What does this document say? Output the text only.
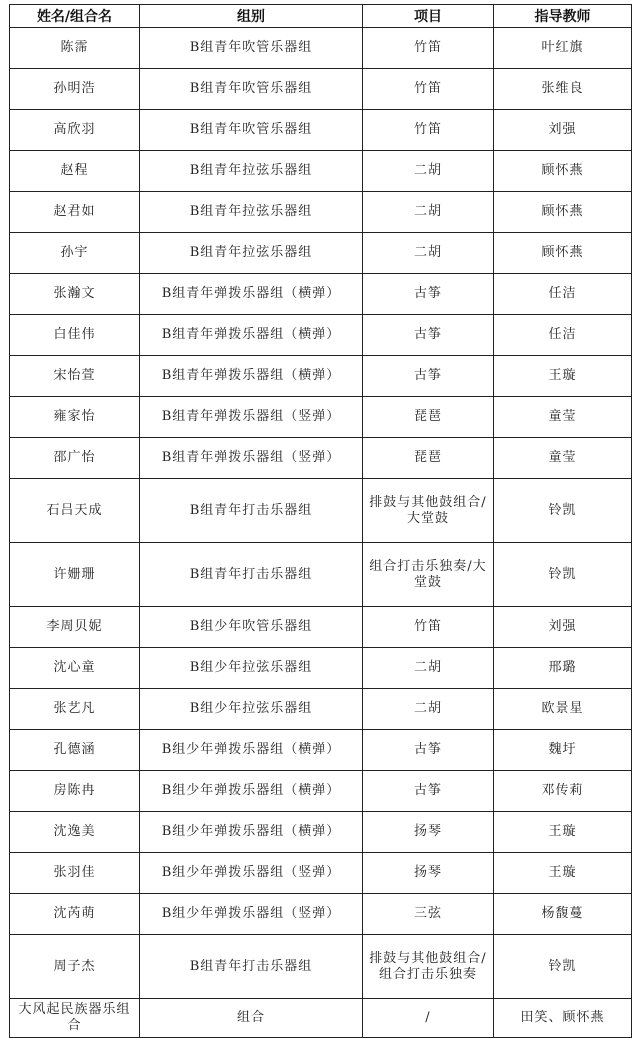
姓名/组合名	组别	项目	指导教师
陈霈	B组青年吹管乐器组	竹笛	叶红旗
孙明浩	B组青年吹管乐器组	竹笛	张维良
高欣羽	B组青年吹管乐器组	竹笛	刘强
赵程	B组青年拉弦乐器组	二胡	顾怀燕
赵君如	B组青年拉弦乐器组	二胡	顾怀燕
孙宇	B组青年拉弦乐器组	二胡	顾怀燕
张瀚文	B组青年弹拨乐器组（横弹）	古筝	任洁
白佳伟	B组青年弹拨乐器组（横弹）	古筝	任洁
宋怡萱	B组青年弹拨乐器组（横弹）	古筝	王璇
雍家怡	B组青年弹拨乐器组（竖弹）	琵琶	童莹
邵广怡	B组青年弹拨乐器组（竖弹）	琵琶	童莹
石吕天成	B组青年打击乐器组	排鼓与其他鼓组合/大堂鼓	铃凯
许姗珊	B组青年打击乐器组	组合打击乐独奏/大堂鼓	铃凯
李周贝妮	B组少年吹管乐器组	竹笛	刘强
沈心童	B组少年拉弦乐器组	二胡	邢璐
张艺凡	B组少年拉弦乐器组	二胡	欧景星
孔德涵	B组少年弹拨乐器组（横弹）	古筝	魏圩
房陈冉	B组少年弹拨乐器组（横弹）	古筝	邓传莉
沈逸美	B组少年弹拨乐器组（横弹）	扬琴	王璇
张羽佳	B组少年弹拨乐器组（竖弹）	扬琴	王璇
沈芮萌	B组少年弹拨乐器组（竖弹）	三弦	杨馥蔓
周子杰	B组青年打击乐器组	排鼓与其他鼓组合/组合打击乐独奏	铃凯
大风起民族器乐组合	组合	/	田笑、顾怀燕
